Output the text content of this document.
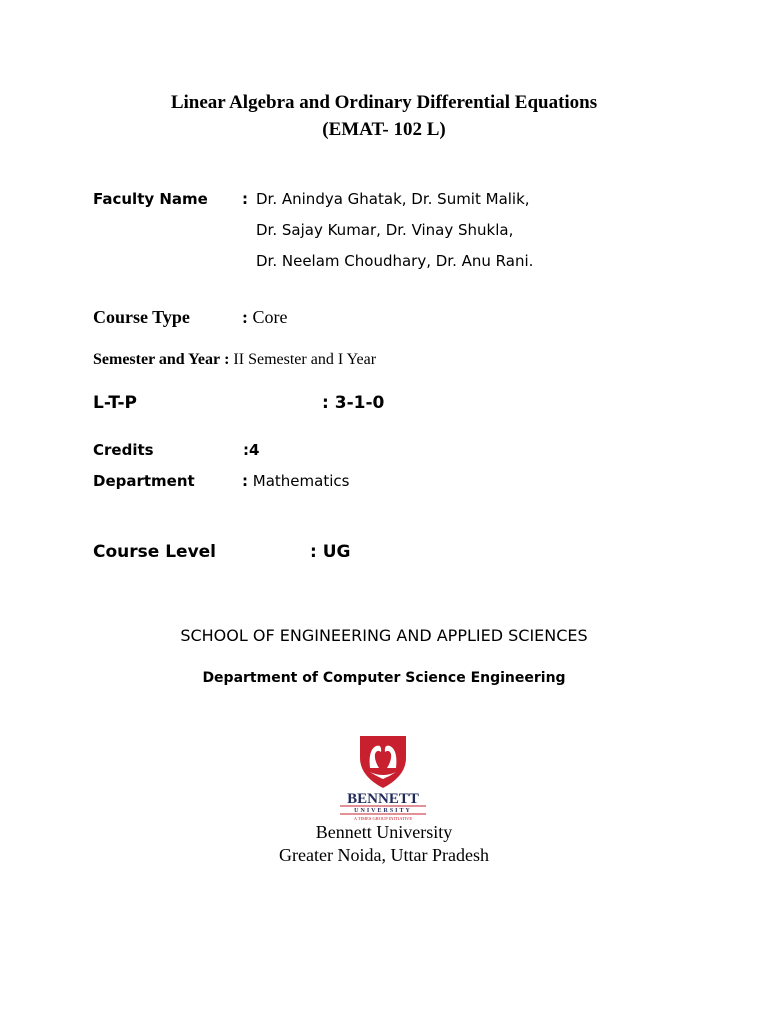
Linear Algebra and Ordinary Differential Equations
(EMAT- 102 L)
Faculty Name : Dr. Anindya Ghatak, Dr. Sumit Malik,
Dr. Sajay Kumar, Dr. Vinay Shukla,
Dr. Neelam Choudhary, Dr. Anu Rani.
Course Type	: Core
Semester and Year : II Semester and I Year
L-T-P	: 3-1-0
Credits	:4
Department	: Mathematics
Course Level	: UG
SCHOOL OF ENGINEERING AND APPLIED SCIENCES
Department of Computer Science Engineering
BENNETT
UNIVERSITY
A TIMES GROUP INITIATIVE
Bennett University
Greater Noida, Uttar Pradesh
